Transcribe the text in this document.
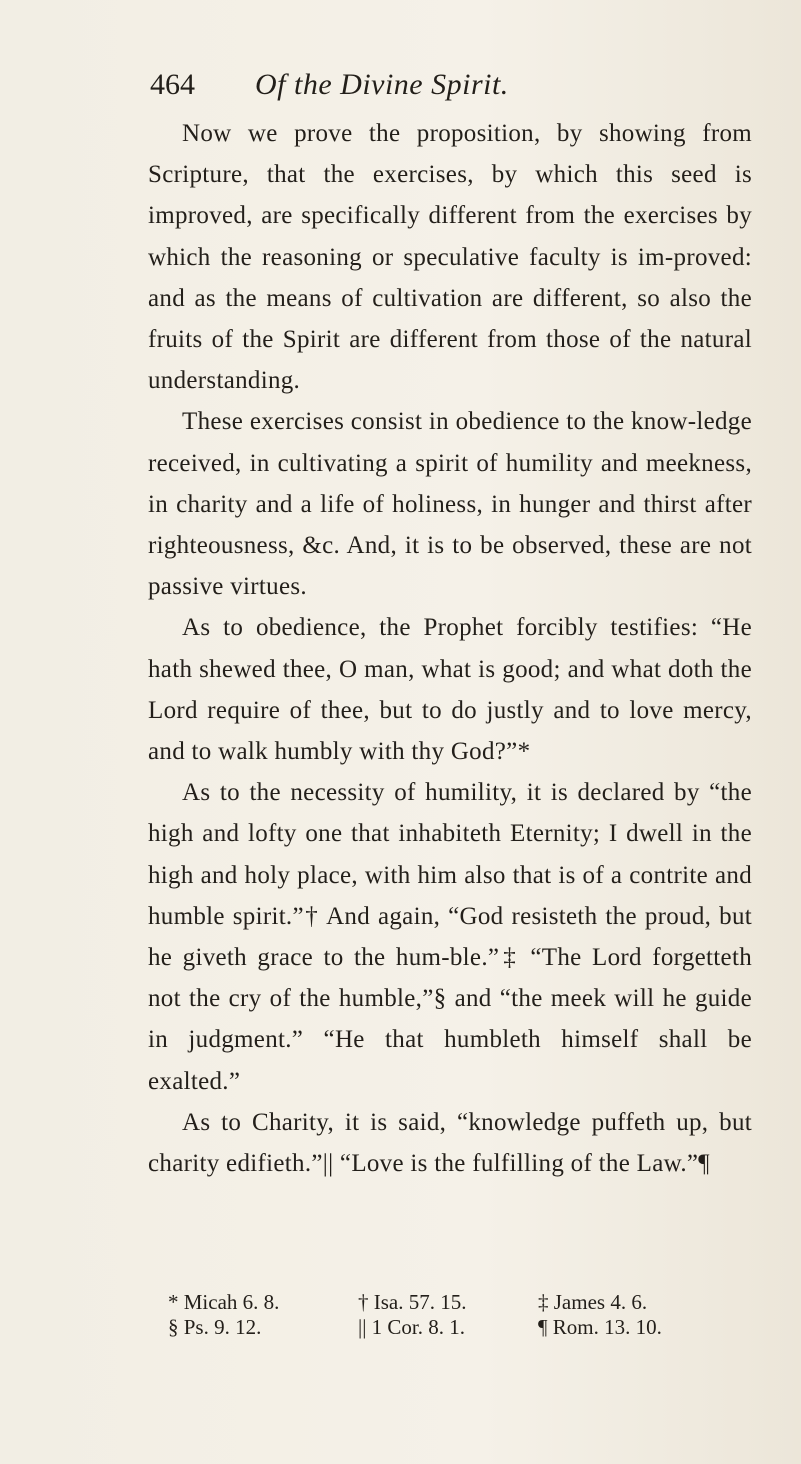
464	Of the Divine Spirit.

Now we prove the proposition, by showing from Scripture, that the exercises, by which this seed is improved, are specifically different from the exercises by which the reasoning or speculative faculty is im-proved: and as the means of cultivation are different, so also the fruits of the Spirit are different from those of the natural understanding.

These exercises consist in obedience to the know-ledge received, in cultivating a spirit of humility and meekness, in charity and a life of holiness, in hunger and thirst after righteousness, &c. And, it is to be observed, these are not passive virtues.

As to obedience, the Prophet forcibly testifies: “He hath shewed thee, O man, what is good; and what doth the Lord require of thee, but to do justly and to love mercy, and to walk humbly with thy God?”*

As to the necessity of humility, it is declared by “the high and lofty one that inhabiteth Eternity; I dwell in the high and holy place, with him also that is of a contrite and humble spirit.”† And again, “God resisteth the proud, but he giveth grace to the hum-ble.”‡ “The Lord forgetteth not the cry of the humble,”§ and “the meek will he guide in judgment.” “He that humbleth himself shall be exalted.”

As to Charity, it is said, “knowledge puffeth up, but charity edifieth.”|| “Love is the fulfilling of the Law.”¶

* Micah 6. 8.	† Isa. 57. 15.	‡ James 4. 6.
§ Ps. 9. 12.	|| 1 Cor. 8. 1.	¶ Rom. 13. 10.
